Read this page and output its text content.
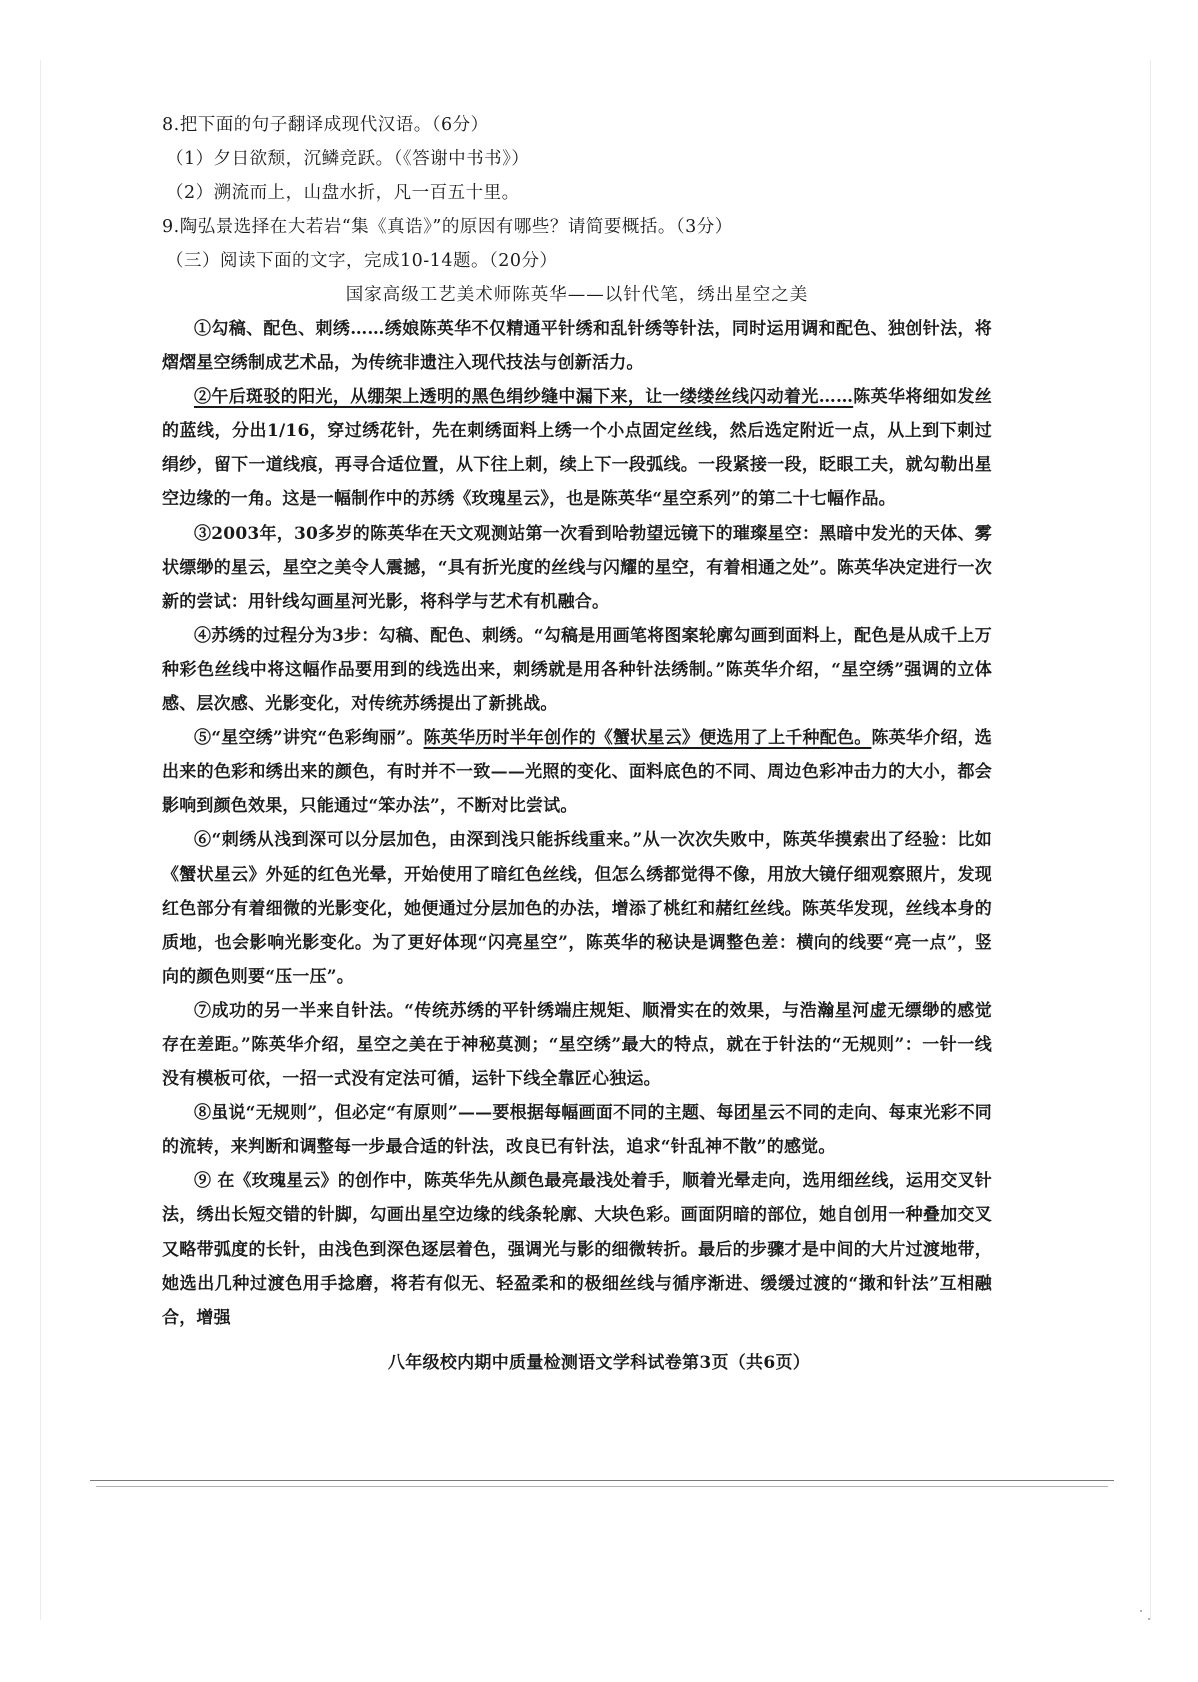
8.把下面的句子翻译成现代汉语。（6分）

（1）夕日欲颓，沉鳞竞跃。（《答谢中书书》）

（2）溯流而上，山盘水折，凡一百五十里。

9.陶弘景选择在大若岩“集《真诰》”的原因有哪些？请简要概括。（3分）

（三）阅读下面的文字，完成10-14题。（20分）

国家高级工艺美术师陈英华——以针代笔，绣出星空之美

①勾稿、配色、刺绣……绣娘陈英华不仅精通平针绣和乱针绣等针法，同时运用调和配色、独创针法，将熠熠星空绣制成艺术品，为传统非遗注入现代技法与创新活力。

②午后斑驳的阳光，从绷架上透明的黑色绢纱缝中漏下来，让一缕缕丝线闪动着光……陈英华将细如发丝的蓝线，分出1/16，穿过绣花针，先在刺绣面料上绣一个小点固定丝线，然后选定附近一点，从上到下刺过绢纱，留下一道线痕，再寻合适位置，从下往上刺，续上下一段弧线。一段紧接一段，眨眼工夫，就勾勒出星空边缘的一角。这是一幅制作中的苏绣《玫瑰星云》，也是陈英华“星空系列”的第二十七幅作品。

③2003年，30多岁的陈英华在天文观测站第一次看到哈勃望远镜下的璀璨星空：黑暗中发光的天体、雾状缥缈的星云，星空之美令人震撼，“具有折光度的丝线与闪耀的星空，有着相通之处”。陈英华决定进行一次新的尝试：用针线勾画星河光影，将科学与艺术有机融合。

④苏绣的过程分为3步：勾稿、配色、刺绣。“勾稿是用画笔将图案轮廓勾画到面料上，配色是从成千上万种彩色丝线中将这幅作品要用到的线选出来，刺绣就是用各种针法绣制。”陈英华介绍，“星空绣”强调的立体感、层次感、光影变化，对传统苏绣提出了新挑战。

⑤“星空绣”讲究“色彩绚丽”。陈英华历时半年创作的《蟹状星云》便选用了上千种配色。陈英华介绍，选出来的色彩和绣出来的颜色，有时并不一致——光照的变化、面料底色的不同、周边色彩冲击力的大小，都会影响到颜色效果，只能通过“笨办法”，不断对比尝试。

⑥“刺绣从浅到深可以分层加色，由深到浅只能拆线重来。”从一次次失败中，陈英华摸索出了经验：比如《蟹状星云》外延的红色光晕，开始使用了暗红色丝线，但怎么绣都觉得不像，用放大镜仔细观察照片，发现红色部分有着细微的光影变化，她便通过分层加色的办法，增添了桃红和赭红丝线。陈英华发现，丝线本身的质地，也会影响光影变化。为了更好体现“闪亮星空”，陈英华的秘诀是调整色差：横向的线要“亮一点”，竖向的颜色则要“压一压”。

⑦成功的另一半来自针法。“传统苏绣的平针绣端庄规矩、顺滑实在的效果，与浩瀚星河虚无缥缈的感觉存在差距。”陈英华介绍，星空之美在于神秘莫测；“星空绣”最大的特点，就在于针法的“无规则”：一针一线没有模板可依，一招一式没有定法可循，运针下线全靠匠心独运。

⑧虽说“无规则”，但必定“有原则”——要根据每幅画面不同的主题、每团星云不同的走向、每束光彩不同的流转，来判断和调整每一步最合适的针法，改良已有针法，追求“针乱神不散”的感觉。

⑨ 在《玫瑰星云》的创作中，陈英华先从颜色最亮最浅处着手，顺着光晕走向，选用细丝线，运用交叉针法，绣出长短交错的针脚，勾画出星空边缘的线条轮廓、大块色彩。画面阴暗的部位，她自创用一种叠加交叉又略带弧度的长针，由浅色到深色逐层着色，强调光与影的细微转折。最后的步骤才是中间的大片过渡地带，她选出几种过渡色用手捻磨，将若有似无、轻盈柔和的极细丝线与循序渐进、缓缓过渡的“撖和针法”互相融合，增强

八年级校内期中质量检测语文学科试卷第3页（共6页）
